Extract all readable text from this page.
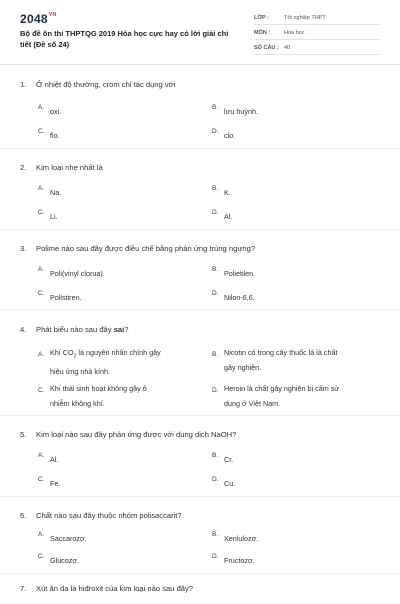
$2048^{VN}$
Bộ đề ôn thi THPTQG 2019 Hóa học cực hay có lời giải chi tiết (Đề số 24)
LỚP :	Tốt nghiệp THPT
MÔN :	Hóa học
SỐ CÂU : 40
1.	Ở nhiệt độ thường, crom chỉ tác dụng với
A. oxi.	B. lưu huỳnh.
C. flo.	D. clo.
2.	Kim loại nhẹ nhất là
A. Na.	B. K.
C. Li.	D. Al.
3.	Polime nào sau đây được điều chế bằng phản ứng trùng ngưng?
A. Poli(vinyl clorua).	B. Polietilen.
C. Polistiren.	D. Nilon-6,6.
4.	Phát biểu nào sau đây sai?
A. Khí $CO_2$ là nguyên nhân chính gây
hiệu ứng nhà kính.
B. Nicotin có trong cây thuốc lá là chất
gây nghiện.
C. Khí thải sinh hoạt không gây ô
nhiễm không khí.
D. Heroin là chất gây nghiện bị cấm sử
dụng ở Việt Nam.
5.	Kim loại nào sau đây phản ứng được với dung dịch NaOH?
A. Al.	B. Cr.
C. Fe.	D. Cu.
6.	Chất nào sau đây thuộc nhóm polisaccarit?
A. Saccarozơ.	B. Xenlulozơ.
C. Glucozơ.	D. Fructozơ.
7.	Xút ăn da là hiđroxit của kim loại nào sau đây?
